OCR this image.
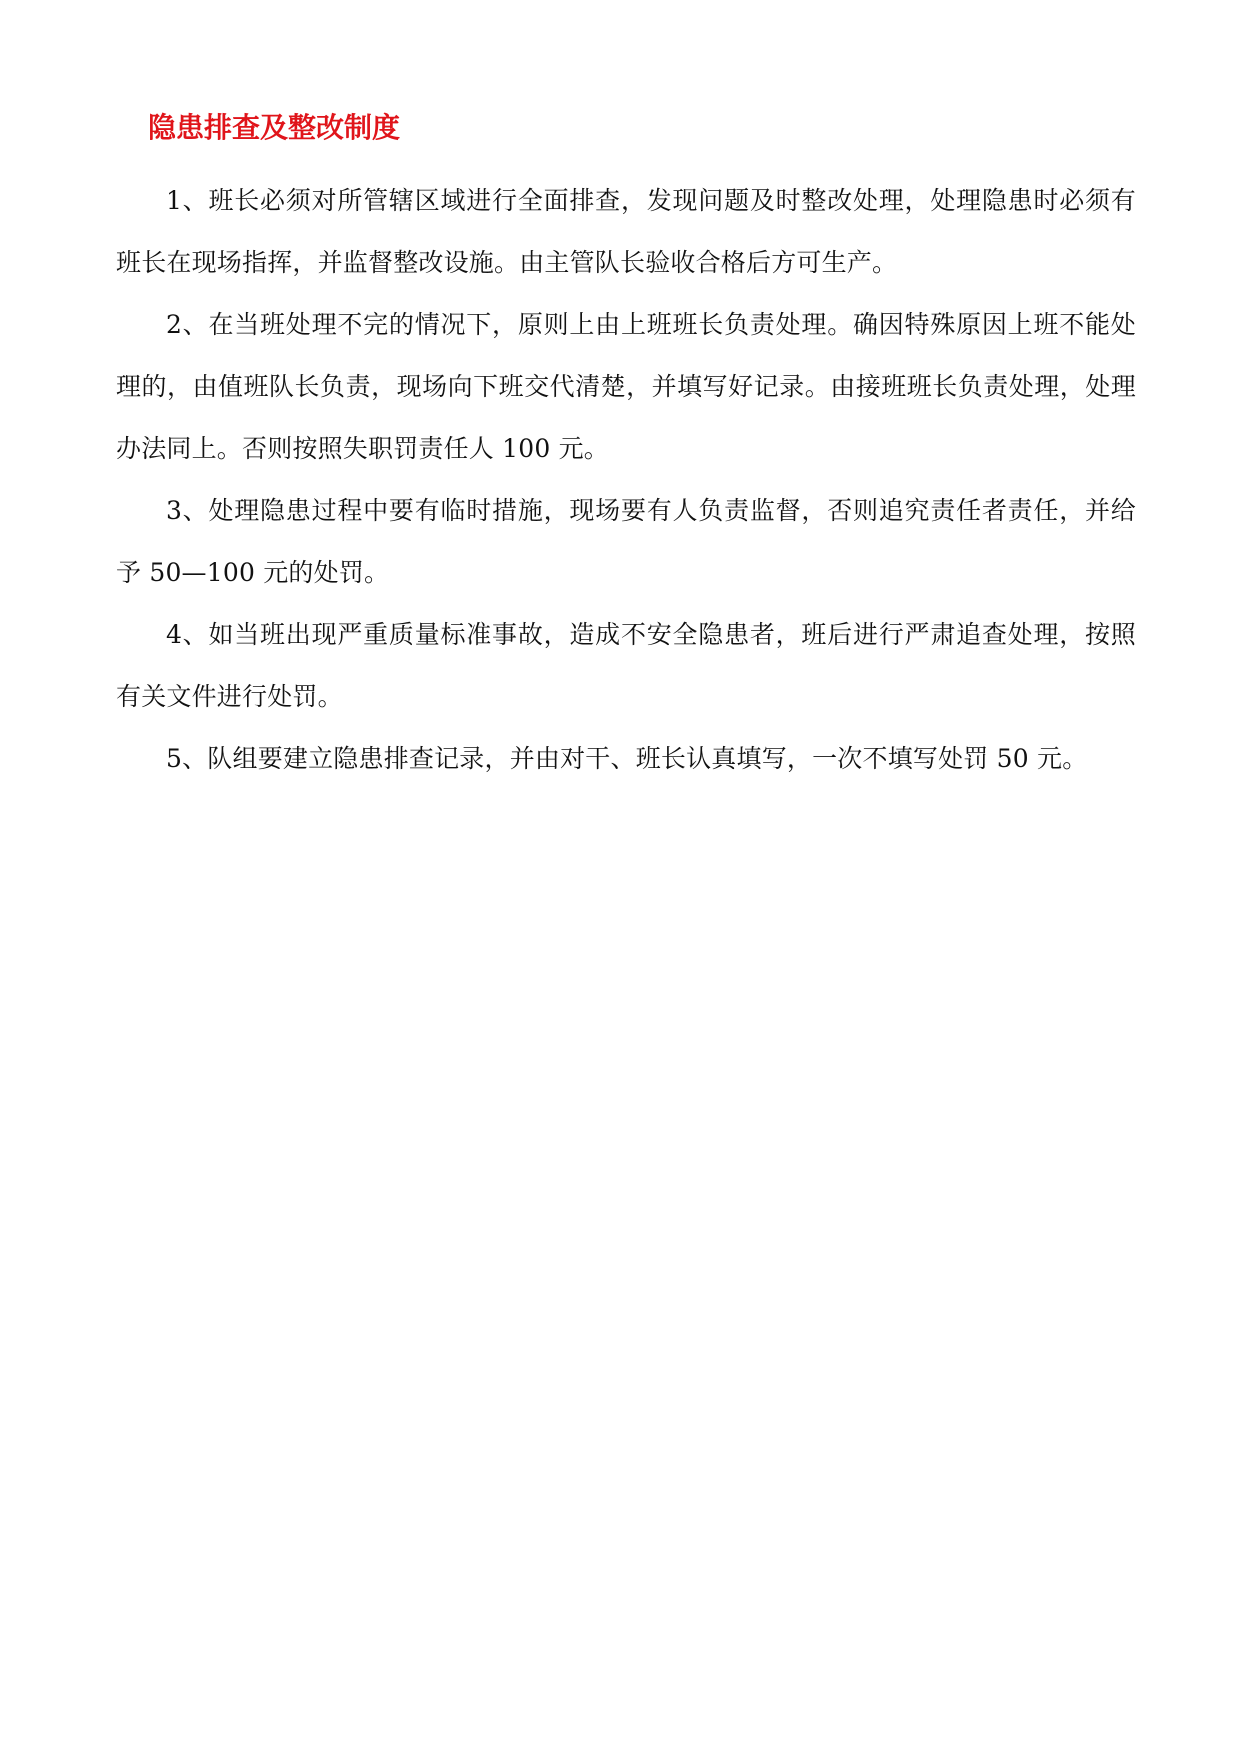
隐患排查及整改制度

1、班长必须对所管辖区域进行全面排查，发现问题及时整改处理，处理隐患时必须有班长在现场指挥，并监督整改设施。由主管队长验收合格后方可生产。

2、在当班处理不完的情况下，原则上由上班班长负责处理。确因特殊原因上班不能处理的，由值班队长负责，现场向下班交代清楚，并填写好记录。由接班班长负责处理，处理办法同上。否则按照失职罚责任人 100 元。

3、处理隐患过程中要有临时措施，现场要有人负责监督，否则追究责任者责任，并给予 50—100 元的处罚。

4、如当班出现严重质量标准事故，造成不安全隐患者，班后进行严肃追查处理，按照有关文件进行处罚。

5、队组要建立隐患排查记录，并由对干、班长认真填写，一次不填写处罚 50 元。
